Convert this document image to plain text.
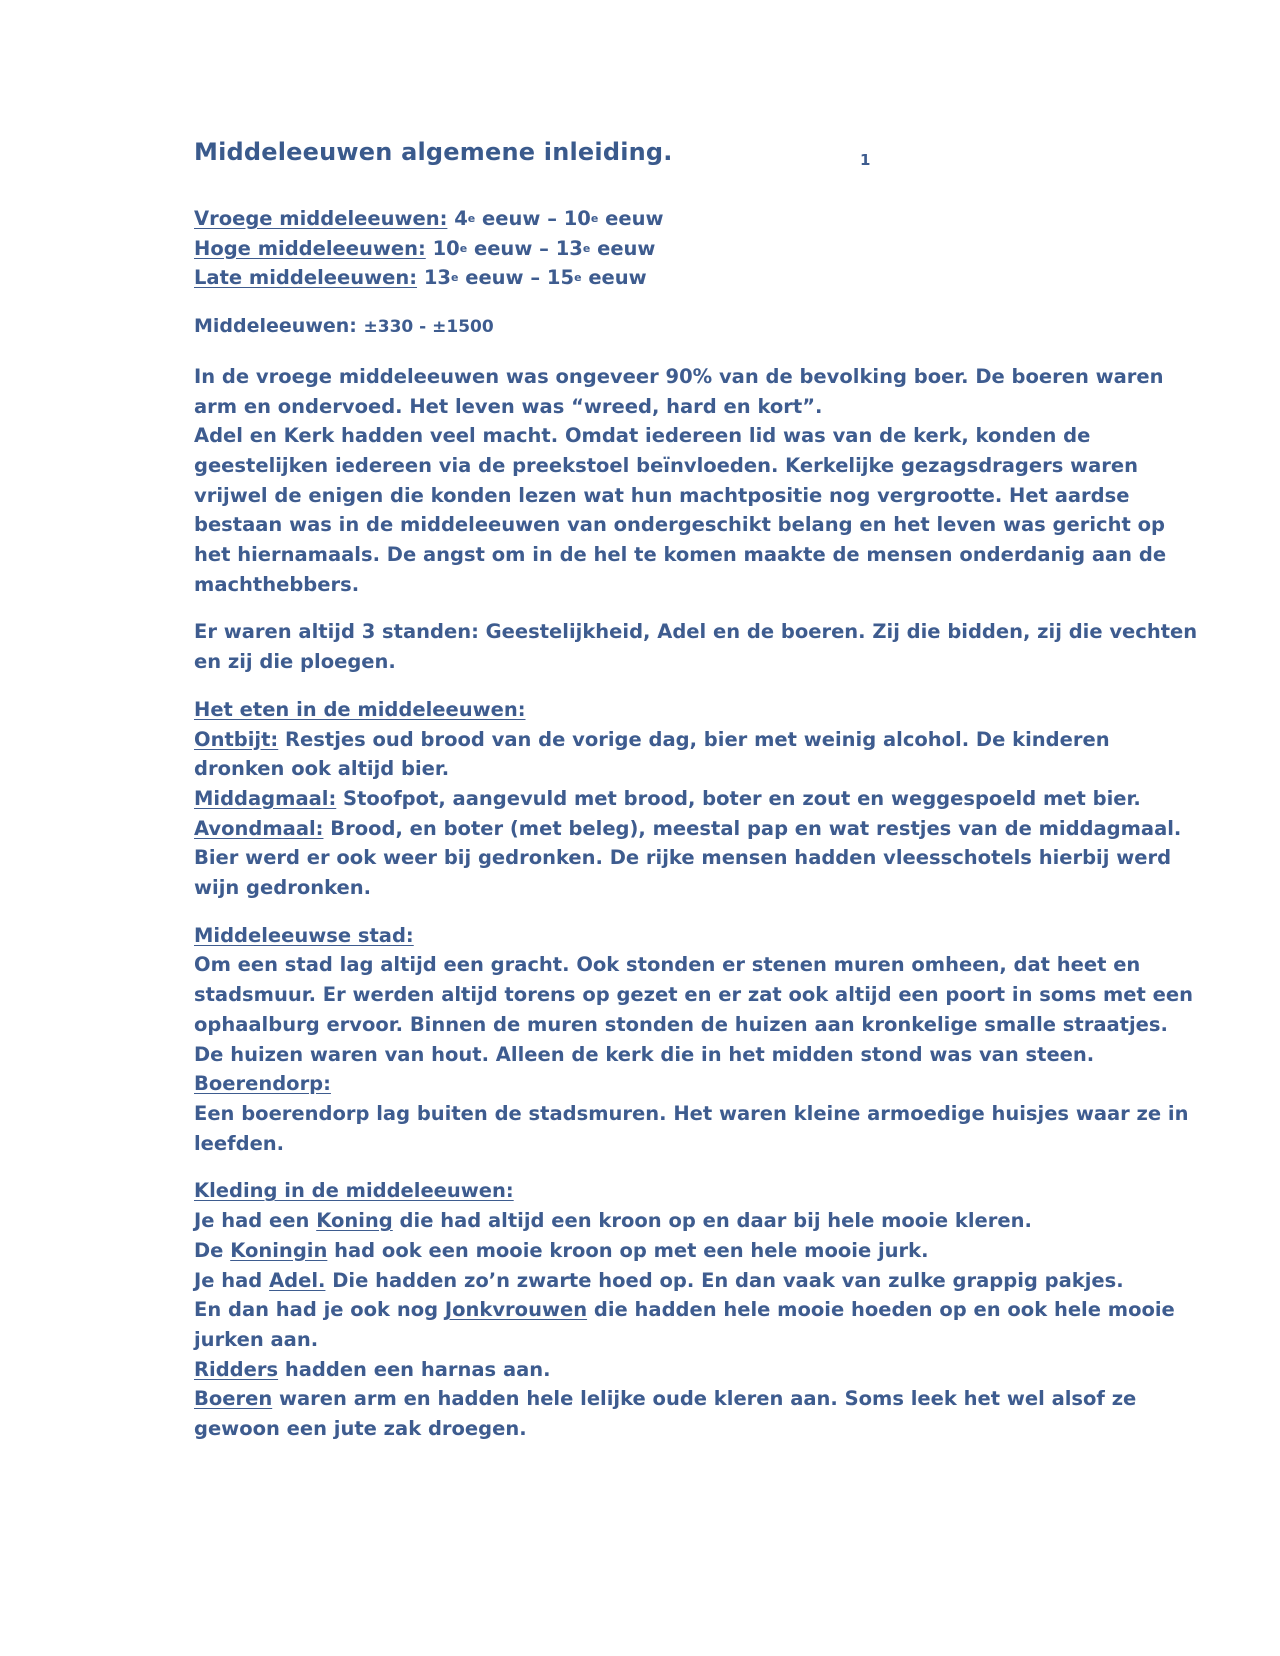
Middeleeuwen algemene inleiding.	1
Vroege middeleeuwen: 4e eeuw – 10e eeuw
Hoge middeleeuwen: 10e eeuw – 13e eeuw
Late middeleeuwen: 13e eeuw – 15e eeuw
Middeleeuwen: ±330 - ±1500
In de vroege middeleeuwen was ongeveer 90% van de bevolking boer. De boeren waren
arm en ondervoed. Het leven was “wreed, hard en kort”.
Adel en Kerk hadden veel macht. Omdat iedereen lid was van de kerk, konden de
geestelijken iedereen via de preekstoel beïnvloeden. Kerkelijke gezagsdragers waren
vrijwel de enigen die konden lezen wat hun machtpositie nog vergrootte. Het aardse
bestaan was in de middeleeuwen van ondergeschikt belang en het leven was gericht op
het hiernamaals. De angst om in de hel te komen maakte de mensen onderdanig aan de
machthebbers.
Er waren altijd 3 standen: Geestelijkheid, Adel en de boeren. Zij die bidden, zij die vechten
en zij die ploegen.
Het eten in de middeleeuwen:
Ontbijt: Restjes oud brood van de vorige dag, bier met weinig alcohol. De kinderen
dronken ook altijd bier.
Middagmaal: Stoofpot, aangevuld met brood, boter en zout en weggespoeld met bier.
Avondmaal: Brood, en boter (met beleg), meestal pap en wat restjes van de middagmaal.
Bier werd er ook weer bij gedronken. De rijke mensen hadden vleesschotels hierbij werd
wijn gedronken.
Middeleeuwse stad:
Om een stad lag altijd een gracht. Ook stonden er stenen muren omheen, dat heet en
stadsmuur. Er werden altijd torens op gezet en er zat ook altijd een poort in soms met een
ophaalburg ervoor. Binnen de muren stonden de huizen aan kronkelige smalle straatjes.
De huizen waren van hout. Alleen de kerk die in het midden stond was van steen.
Boerendorp:
Een boerendorp lag buiten de stadsmuren. Het waren kleine armoedige huisjes waar ze in
leefden.
Kleding in de middeleeuwen:
Je had een Koning die had altijd een kroon op en daar bij hele mooie kleren.
De Koningin had ook een mooie kroon op met een hele mooie jurk.
Je had Adel. Die hadden zo’n zwarte hoed op. En dan vaak van zulke grappig pakjes.
En dan had je ook nog Jonkvrouwen die hadden hele mooie hoeden op en ook hele mooie
jurken aan.
Ridders hadden een harnas aan.
Boeren waren arm en hadden hele lelijke oude kleren aan. Soms leek het wel alsof ze
gewoon een jute zak droegen.
